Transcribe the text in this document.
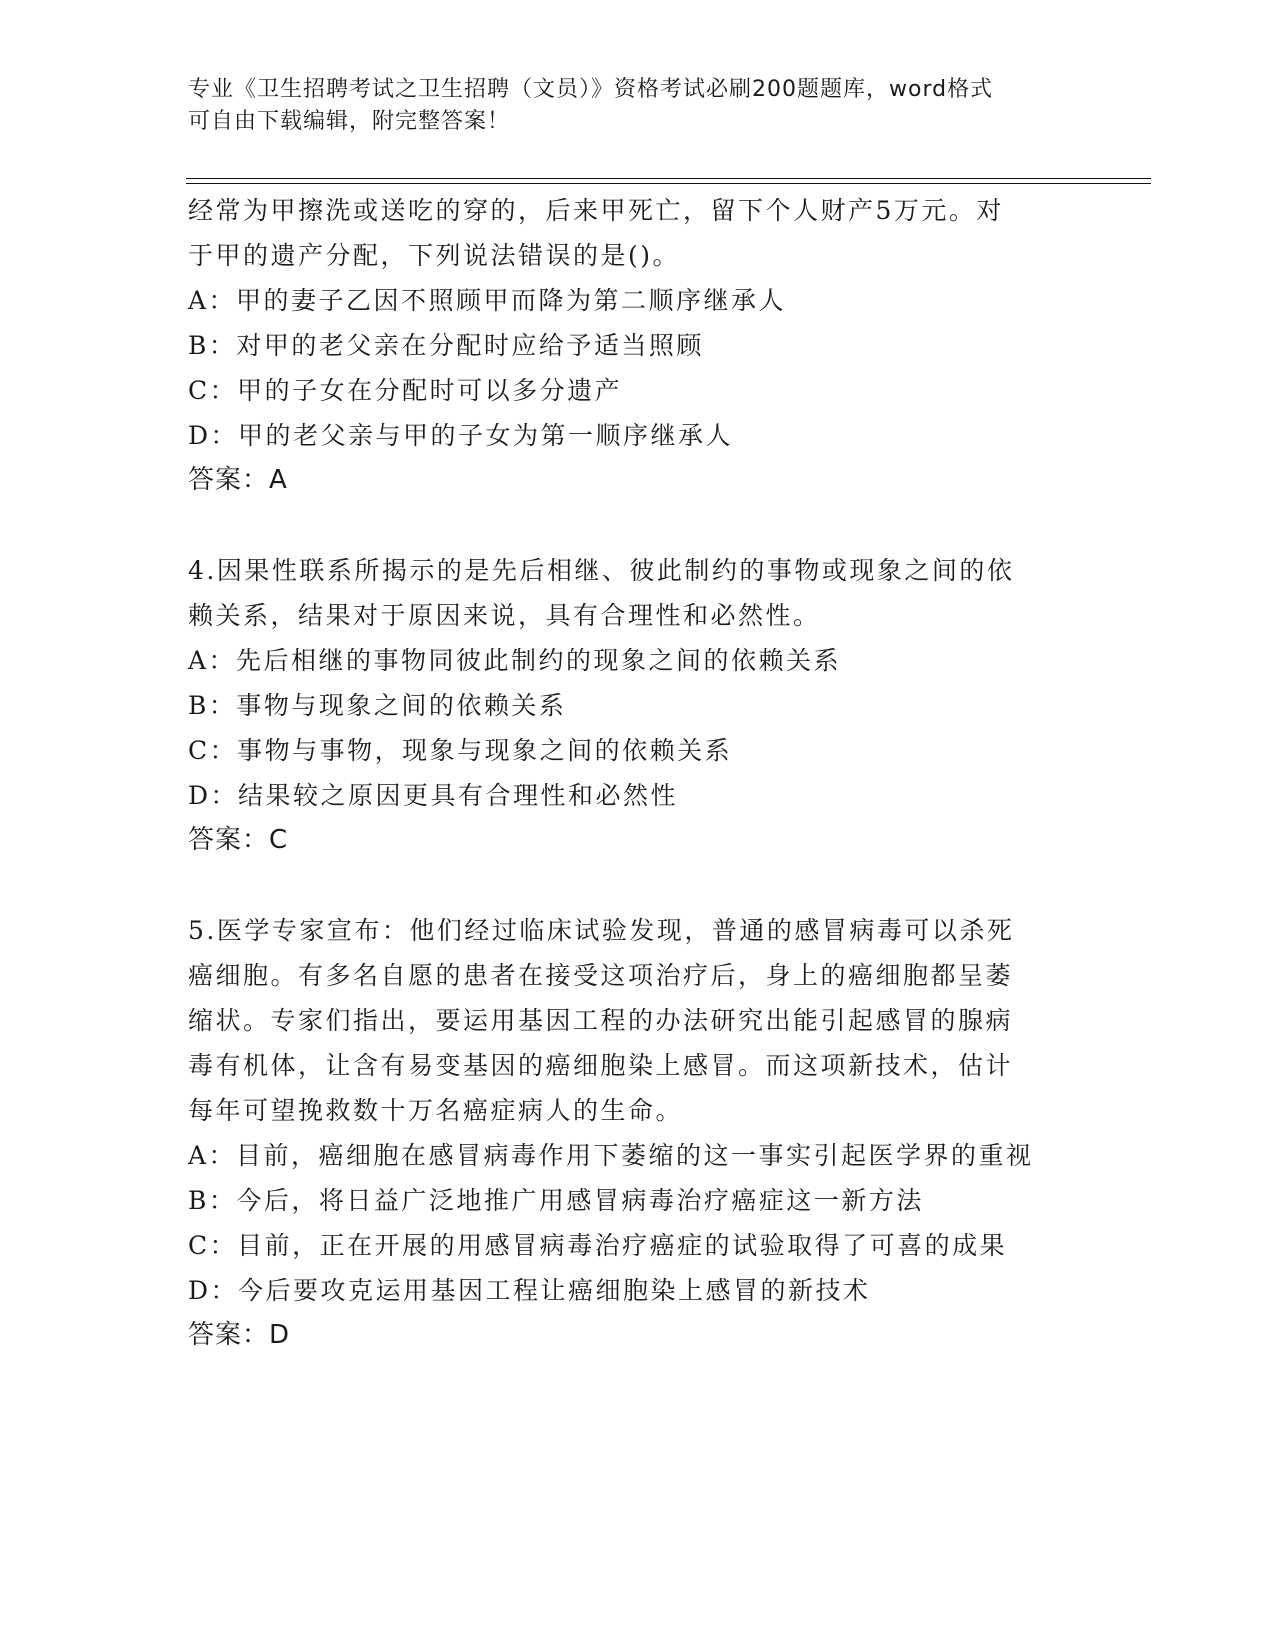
专业《卫生招聘考试之卫生招聘（文员）》资格考试必刷200题题库，word格式
可自由下载编辑，附完整答案！
经常为甲擦洗或送吃的穿的，后来甲死亡，留下个人财产5万元。对
于甲的遗产分配，下列说法错误的是()。
A：甲的妻子乙因不照顾甲而降为第二顺序继承人
B：对甲的老父亲在分配时应给予适当照顾
C：甲的子女在分配时可以多分遗产
D：甲的老父亲与甲的子女为第一顺序继承人
答案：A
4.因果性联系所揭示的是先后相继、彼此制约的事物或现象之间的依
赖关系，结果对于原因来说，具有合理性和必然性。
A：先后相继的事物同彼此制约的现象之间的依赖关系
B：事物与现象之间的依赖关系
C：事物与事物，现象与现象之间的依赖关系
D：结果较之原因更具有合理性和必然性
答案：C
5.医学专家宣布：他们经过临床试验发现，普通的感冒病毒可以杀死
癌细胞。有多名自愿的患者在接受这项治疗后，身上的癌细胞都呈萎
缩状。专家们指出，要运用基因工程的办法研究出能引起感冒的腺病
毒有机体，让含有易变基因的癌细胞染上感冒。而这项新技术，估计
每年可望挽救数十万名癌症病人的生命。
A：目前，癌细胞在感冒病毒作用下萎缩的这一事实引起医学界的重视
B：今后，将日益广泛地推广用感冒病毒治疗癌症这一新方法
C：目前，正在开展的用感冒病毒治疗癌症的试验取得了可喜的成果
D：今后要攻克运用基因工程让癌细胞染上感冒的新技术
答案：D
